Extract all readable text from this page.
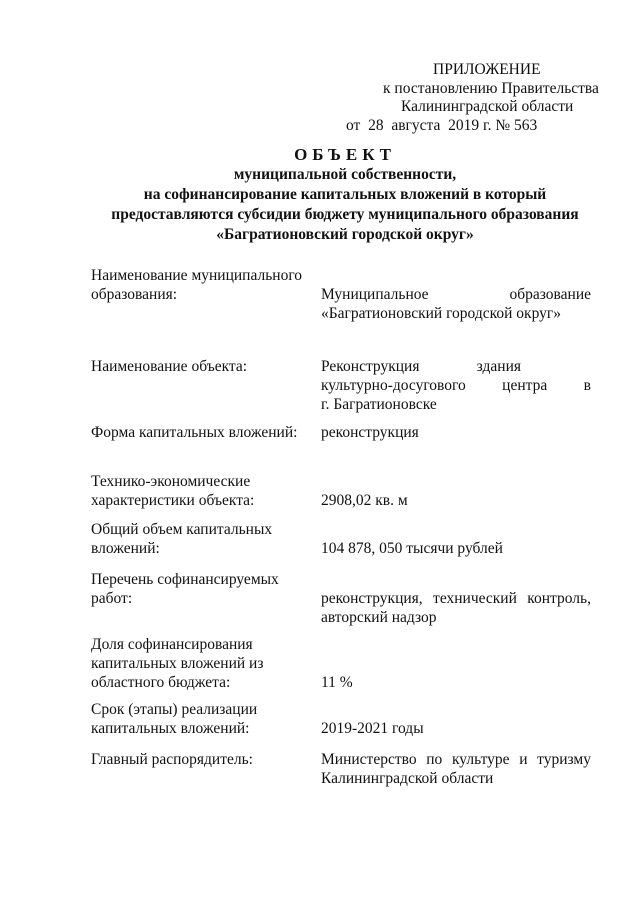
ПРИЛОЖЕНИЕ
к постановлению Правительства
Калининградской области
от  28  августа  2019 г. № 563
ОБЪЕКТ
муниципальной собственности,
на софинансирование капитальных вложений в который
предоставляются субсидии бюджету муниципального образования
«Багратионовский городской округ»
Наименование муниципального
образования:	Муниципальное образование
«Багратионовский городской округ»
Наименование объекта:	Реконструкция здания
культурно-досугового центра в
г. Багратионовске
Форма капитальных вложений:	реконструкция
Технико-экономические
характеристики объекта:	2908,02 кв. м
Общий объем капитальных
вложений:	104 878, 050 тысячи рублей
Перечень софинансируемых
работ:	реконструкция, технический контроль,
авторский надзор
Доля софинансирования
капитальных вложений из
областного бюджета:	11 %
Срок (этапы) реализации
капитальных вложений:	2019-2021 годы
Главный распорядитель:	Министерство по культуре и туризму
Калининградской области
